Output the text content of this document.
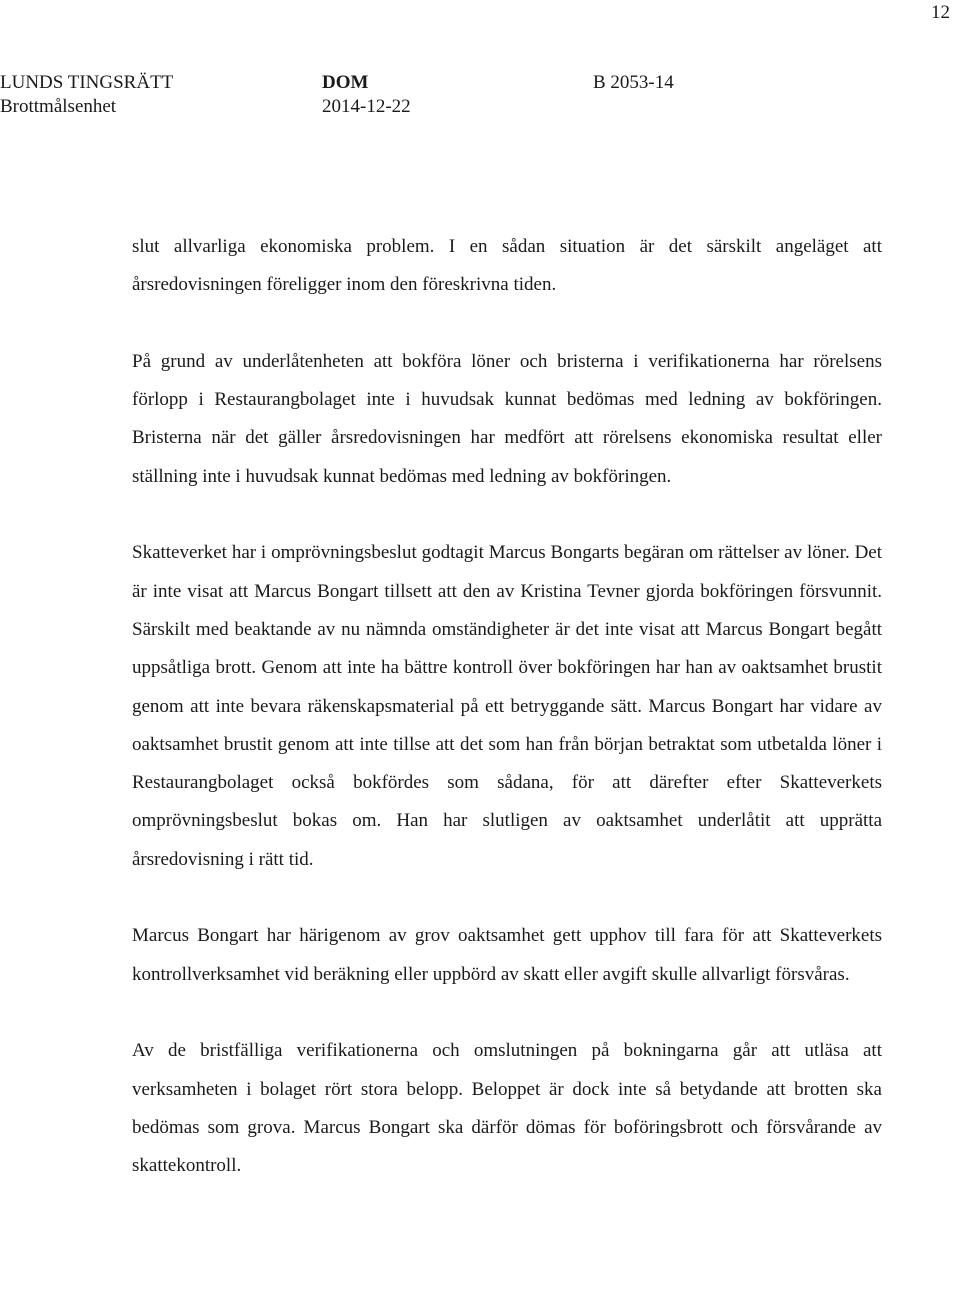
12
LUNDS TINGSRÄTT
Brottmålsenhet
DOM
2014-12-22
B 2053-14

slut allvarliga ekonomiska problem. I en sådan situation är det särskilt angeläget att årsredovisningen föreligger inom den föreskrivna tiden.

På grund av underlåtenheten att bokföra löner och bristerna i verifikationerna har rörelsens förlopp i Restaurangbolaget inte i huvudsak kunnat bedömas med ledning av bokföringen. Bristerna när det gäller årsredovisningen har medfört att rörelsens ekonomiska resultat eller ställning inte i huvudsak kunnat bedömas med ledning av bokföringen.

Skatteverket har i omprövningsbeslut godtagit Marcus Bongarts begäran om rättelser av löner. Det är inte visat att Marcus Bongart tillsett att den av Kristina Tevner gjorda bokföringen försvunnit. Särskilt med beaktande av nu nämnda omständigheter är det inte visat att Marcus Bongart begått uppsåtliga brott. Genom att inte ha bättre kontroll över bokföringen har han av oaktsamhet brustit genom att inte bevara räkenskapsmaterial på ett betryggande sätt. Marcus Bongart har vidare av oaktsamhet brustit genom att inte tillse att det som han från början betraktat som utbetalda löner i Restaurangbolaget också bokfördes som sådana, för att därefter efter Skatteverkets omprövningsbeslut bokas om. Han har slutligen av oaktsamhet underlåtit att upprätta årsredovisning i rätt tid.

Marcus Bongart har härigenom av grov oaktsamhet gett upphov till fara för att Skatteverkets kontrollverksamhet vid beräkning eller uppbörd av skatt eller avgift skulle allvarligt försvåras.

Av de bristfälliga verifikationerna och omslutningen på bokningarna går att utläsa att verksamheten i bolaget rört stora belopp. Beloppet är dock inte så betydande att brotten ska bedömas som grova. Marcus Bongart ska därför dömas för boföringsbrott och försvårande av skattekontroll.
